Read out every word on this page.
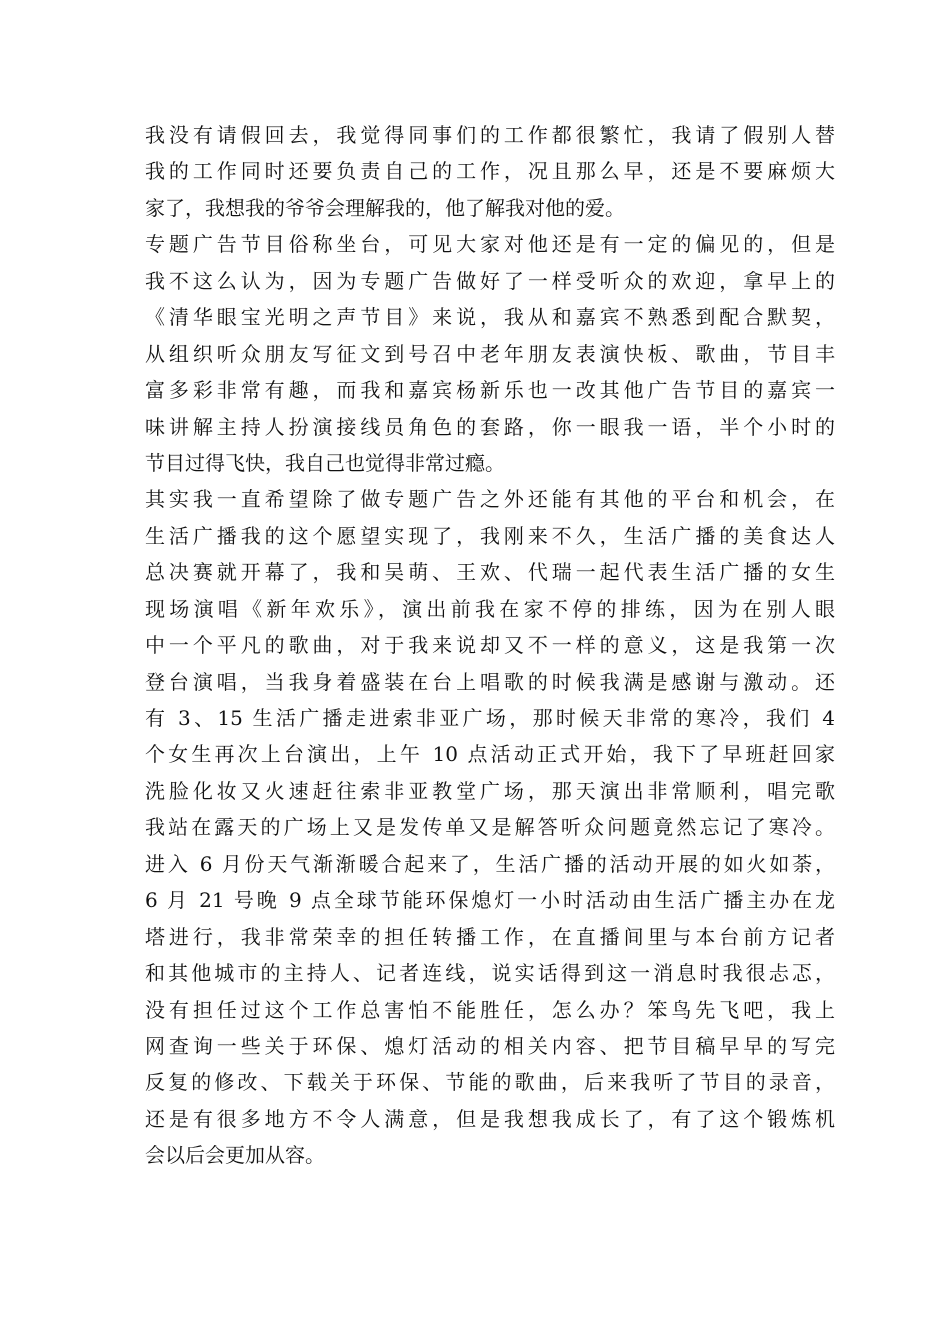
我没有请假回去，我觉得同事们的工作都很繁忙，我请了假别人替
我的工作同时还要负责自己的工作，况且那么早，还是不要麻烦大
家了，我想我的爷爷会理解我的，他了解我对他的爱。
专题广告节目俗称坐台，可见大家对他还是有一定的偏见的，但是
我不这么认为，因为专题广告做好了一样受听众的欢迎，拿早上的
《清华眼宝光明之声节目》来说，我从和嘉宾不熟悉到配合默契，
从组织听众朋友写征文到号召中老年朋友表演快板、歌曲，节目丰
富多彩非常有趣，而我和嘉宾杨新乐也一改其他广告节目的嘉宾一
味讲解主持人扮演接线员角色的套路，你一眼我一语，半个小时的
节目过得飞快，我自己也觉得非常过瘾。
其实我一直希望除了做专题广告之外还能有其他的平台和机会，在
生活广播我的这个愿望实现了，我刚来不久，生活广播的美食达人
总决赛就开幕了，我和吴萌、王欢、代瑞一起代表生活广播的女生
现场演唱《新年欢乐》，演出前我在家不停的排练，因为在别人眼
中一个平凡的歌曲，对于我来说却又不一样的意义，这是我第一次
登台演唱，当我身着盛装在台上唱歌的时候我满是感谢与激动。还
有 3、15 生活广播走进索非亚广场，那时候天非常的寒冷，我们 4
个女生再次上台演出，上午 10 点活动正式开始，我下了早班赶回家
洗脸化妆又火速赶往索非亚教堂广场，那天演出非常顺利，唱完歌
我站在露天的广场上又是发传单又是解答听众问题竟然忘记了寒冷。
进入 6 月份天气渐渐暖合起来了，生活广播的活动开展的如火如荼，
6 月 21 号晚 9 点全球节能环保熄灯一小时活动由生活广播主办在龙
塔进行，我非常荣幸的担任转播工作，在直播间里与本台前方记者
和其他城市的主持人、记者连线，说实话得到这一消息时我很忐忑，
没有担任过这个工作总害怕不能胜任，怎么办？笨鸟先飞吧，我上
网查询一些关于环保、熄灯活动的相关内容、把节目稿早早的写完
反复的修改、下载关于环保、节能的歌曲，后来我听了节目的录音，
还是有很多地方不令人满意，但是我想我成长了，有了这个锻炼机
会以后会更加从容。
